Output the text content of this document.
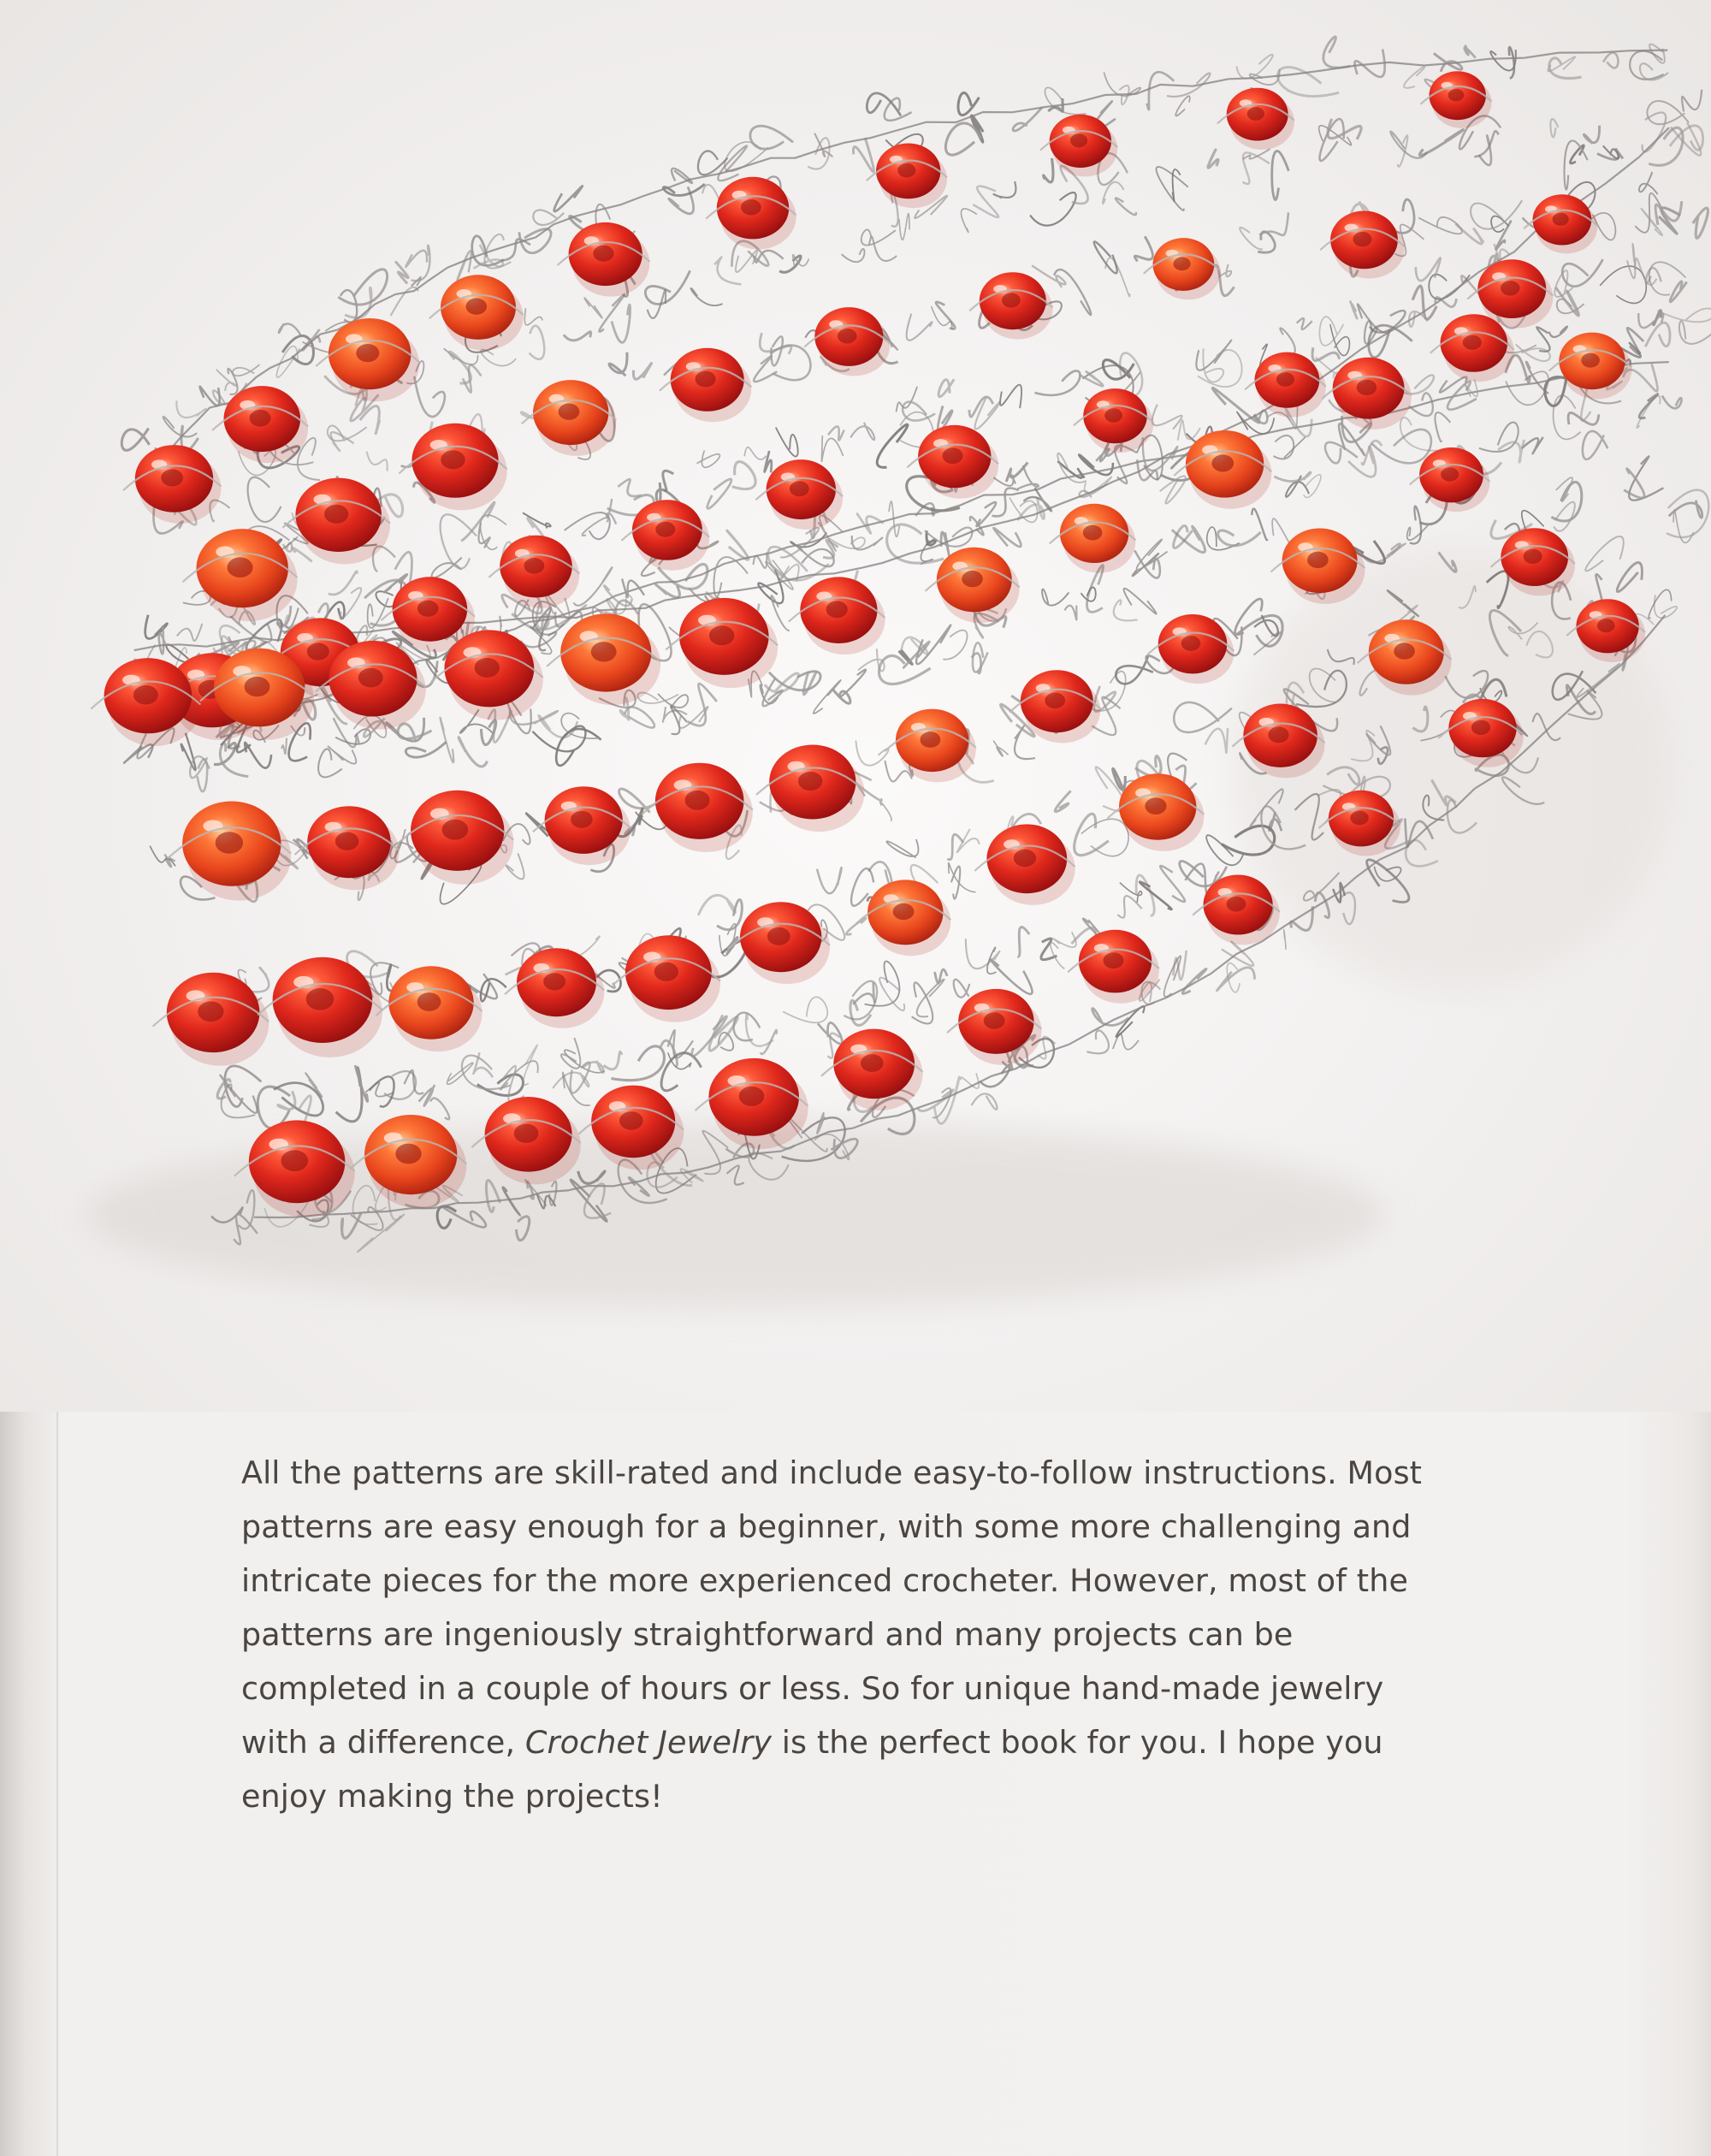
All the patterns are skill-rated and include easy-to-follow instructions. Most
patterns are easy enough for a beginner, with some more challenging and
intricate pieces for the more experienced crocheter. However, most of the
patterns are ingeniously straightforward and many projects can be
completed in a couple of hours or less. So for unique hand-made jewelry
with a difference, Crochet Jewelry is the perfect book for you. I hope you
enjoy making the projects!
